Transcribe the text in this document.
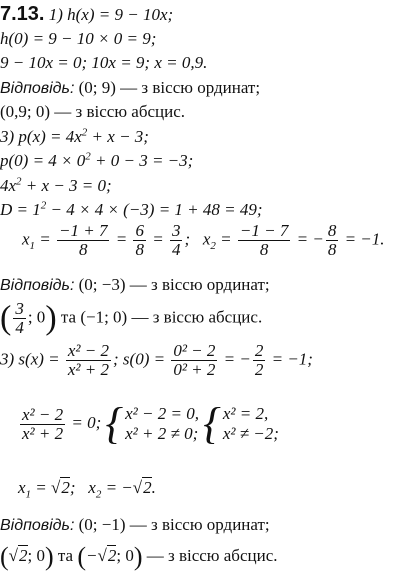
7.13. 1) h(x) = 9 − 10x;
h(0) = 9 − 10 × 0 = 9;
9 − 10x = 0; 10x = 9; x = 0,9.
Відповідь: (0; 9) — з віссю ординат;
(0,9; 0) — з віссю абсцис.
3) $p(x) = 4x^2 + x - 3$;
$p(0) = 4 \times 0^2 + 0 - 3 = -3$;
$4x^2 + x - 3 = 0$;
$D = 1^2 - 4 \times 4 \times (-3) = 1 + 48 = 49$;
$x_1 = \frac{-1 + 7}{8} = \frac{6}{8} = \frac{3}{4}$ ;   $x_2 = \frac{-1 - 7}{8}$ = − $\frac{8}{8} = -1$.
Відповідь: (0; −3) — з віссю ординат;
( $\frac{3}{4}$ ; 0) та (−1; 0) — з віссю абсцис.
3) $s(x) = \frac{\text{x² − 2}}{\text{x² + 2}}$ ; $s(0) = \frac{\text{0² − 2}}{\text{0² + 2}}$ = − $\frac{2}{2} = -1$;
$\frac{\text{x² − 2}}{\text{x² + 2}} = 0$; { x² − 2 = 0,
x² + 2 ≠ 0; { x² = 2,
x² ≠ −2;
$x_1 = √2$;   $x_2 = -√2$.
Відповідь: (0; −1) — з віссю ординат;
(√2; 0) та (−√2; 0) — з віссю абсцис.
